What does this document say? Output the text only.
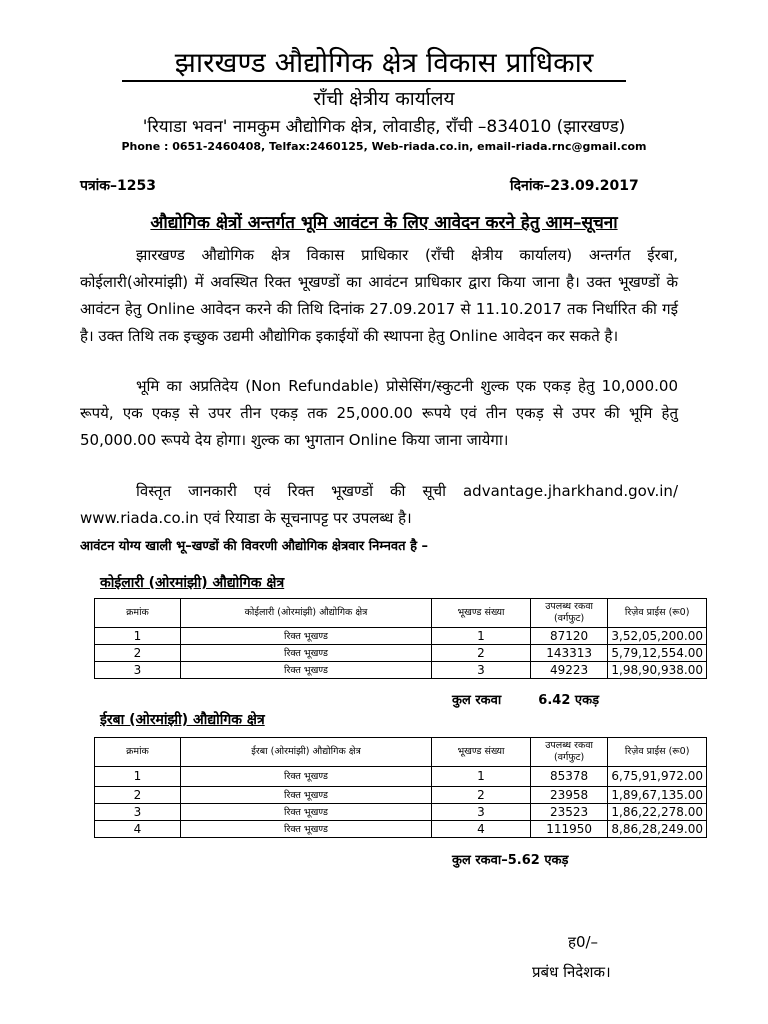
झारखण्ड औद्योगिक क्षेत्र विकास प्राधिकार
राँची क्षेत्रीय कार्यालय
'रियाडा भवन' नामकुम औद्योगिक क्षेत्र, लोवाडीह, राँची –834010 (झारखण्ड)
Phone : 0651-2460408, Telfax:2460125, Web-riada.co.in, email-riada.rnc@gmail.com
पत्रांक–1253	दिनांक–23.09.2017
औद्योगिक क्षेत्रों अन्तर्गत भूमि आवंटन के लिए आवेदन करने हेतु आम–सूचना
झारखण्ड औद्योगिक क्षेत्र विकास प्राधिकार (राँची क्षेत्रीय कार्यालय) अन्तर्गत ईरबा, कोईलारी(ओरमांझी) में अवस्थित रिक्त भूखण्डों का आवंटन प्राधिकार द्वारा किया जाना है। उक्त भूखण्डों के आवंटन हेतु Online आवेदन करने की तिथि दिनांक 27.09.2017 से 11.10.2017 तक निर्धारित की गई है। उक्त तिथि तक इच्छुक उद्यमी औद्योगिक इकाईयों की स्थापना हेतु Online आवेदन कर सकते है।
भूमि का अप्रतिदेय (Non Refundable) प्रोसेसिंग/स्कुटनी शुल्क एक एकड़ हेतु 10,000.00 रूपये, एक एकड़ से उपर तीन एकड़ तक 25,000.00 रूपये एवं तीन एकड़ से उपर की भूमि हेतु 50,000.00 रूपये देय होगा। शुल्क का भुगतान Online किया जाना जायेगा।
विस्तृत जानकारी एवं रिक्त भूखण्डों की सूची advantage.jharkhand.gov.in/ www.riada.co.in एवं रियाडा के सूचनापट्ट पर उपलब्ध है।
आवंटन योग्य खाली भू–खण्डों की विवरणी औद्योगिक क्षेत्रवार निम्नवत है –
कोईलारी (ओरमांझी) औद्योगिक क्षेत्र
क्रमांक	कोईलारी (ओरमांझी) औद्योगिक क्षेत्र	भूखण्ड संख्या	उपलब्ध रकवा (वर्गफुट)	रिज़ेव प्राईस (रू0)
1	रिक्त भूखण्ड	1	87120	3,52,05,200.00
2	रिक्त भूखण्ड	2	143313	5,79,12,554.00
3	रिक्त भूखण्ड	3	49223	1,98,90,938.00
कुल रकवा	6.42 एकड़
ईरबा (ओरमांझी) औद्योगिक क्षेत्र
क्रमांक	ईरबा (ओरमांझी) औद्योगिक क्षेत्र	भूखण्ड संख्या	उपलब्ध रकवा (वर्गफुट)	रिज़ेव प्राईस (रू0)
1	रिक्त भूखण्ड	1	85378	6,75,91,972.00
2	रिक्त भूखण्ड	2	23958	1,89,67,135.00
3	रिक्त भूखण्ड	3	23523	1,86,22,278.00
4	रिक्त भूखण्ड	4	111950	8,86,28,249.00
कुल रकवा–5.62 एकड़
ह0/–
प्रबंध निदेशक।
